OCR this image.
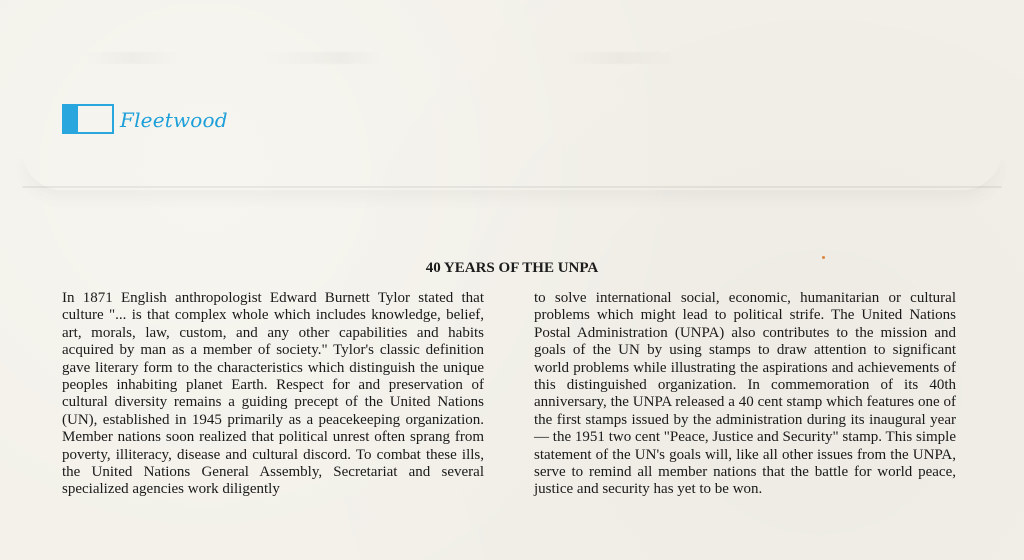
Fleetwood
40 YEARS OF THE UNPA

In 1871 English anthropologist Edward Burnett Tylor stated that culture "... is that complex whole which includes knowledge, belief, art, morals, law, custom, and any other capabilities and habits acquired by man as a member of society." Tylor's classic definition gave literary form to the characteristics which distinguish the unique peoples inhabiting planet Earth. Respect for and preservation of cultural diversity remains a guiding precept of the United Nations (UN), established in 1945 primarily as a peacekeeping organization. Member nations soon realized that political unrest often sprang from poverty, illiteracy, disease and cultural discord. To combat these ills, the United Nations General Assembly, Secretariat and several specialized agencies work diligently

to solve international social, economic, humanitarian or cultural problems which might lead to political strife. The United Nations Postal Administration (UNPA) also contributes to the mission and goals of the UN by using stamps to draw attention to significant world problems while illustrating the aspirations and achievements of this distinguished organization. In commemoration of its 40th anniversary, the UNPA released a 40 cent stamp which features one of the first stamps issued by the administration during its inaugural year — the 1951 two cent "Peace, Justice and Security" stamp. This simple statement of the UN's goals will, like all other issues from the UNPA, serve to remind all member nations that the battle for world peace, justice and security has yet to be won.
